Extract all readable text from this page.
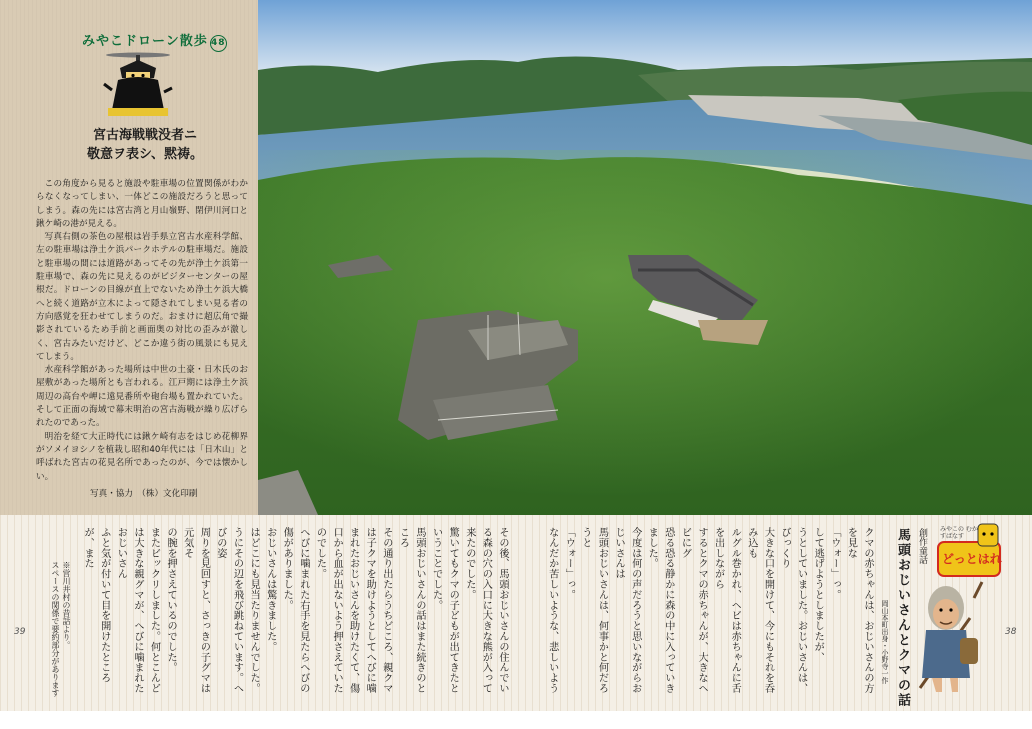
みやこドローン散歩 48
宮古海戦戦没者ニ
敬意ヲ表シ、黙祷。

この角度から見ると施設や駐車場の位置関係がわからなくなってしまい、一体どこの施設だろうと思ってしまう。森の先には宮古湾と月山嶺野、閉伊川河口と鍬ケ崎の港が見える。

写真右側の茶色の屋根は岩手県立宮古水産科学館、左の駐車場は浄土ケ浜パークホテルの駐車場だ。施設と駐車場の間には道路があってその先が浄土ケ浜第一駐車場で、森の先に見えるのがビジターセンターの屋根だ。ドローンの目線が直上でないため浄土ケ浜大橋へと続く道路が立木によって隠されてしまい見る者の方向感覚を狂わせてしまうのだ。おまけに超広角で撮影されているため手前と画面奥の対比の歪みが激しく、宮古みたいだけど、どこか違う街の風景にも見えてしまう。

水産科学館があった場所は中世の土豪・日木氏のお屋敷があった場所とも言われる。江戸期には浄土ケ浜周辺の高台や岬に遠見番所や砲台場も置かれていた。そして正面の海域で幕末明治の宮古海戦が繰り広げられたのであった。

明治を経て大正時代には鍬ケ崎有志をはじめ花柳界がソメイヨシノを植栽し昭和40年代には「日木山」と呼ばれた宮古の花見名所であったのが、今では懐かしい。

写真・協力　（株）文化印刷
39	38
※営川井村の昔話より。
スペースの関係で要約部分があります	その後、馬頭おじいさんの住んでいる森の穴の入口に大きな熊が入って来たのでした。
驚いてもクマの子どもが出てきたということでした。
馬頭おじいさんの話はまた続きのところ
その通り出たらうちどころ、親クマは子クマを助けようとしてへびに噛まれたおじいさんを助けたくて、傷口から血が出ないよう押さえていたのでした。
へびに噛まれた右手を見たらへびの傷がありました。
おじいさんは驚きました。
はどこにも見当たりませんでした。
うにその辺を飛び跳ねています。へびの姿
周りを見回すと、さっきの子グマは元気そ
の腕を押さえているのでした。
またビックリしました。何とこんどは大きな親グマが、へびに噛まれたおじいさん
ふと気が付いて目を開けたところが、また	クマの赤ちゃんは、おじいさんの方を見な
「ウォー」っ。
して逃げようとしましたが、
うとしていました。おじいさんは、びっくり
大きな口を開けて、今にもそれを呑み込も
ルグル巻かれ、ヘビは赤ちゃんに舌を出しながら
するとクマの赤ちゃんが、大きなヘビにグ
恐る恐る静かに森の中に入っていきました。
今度は何の声だろうと思いながらおじいさんは
馬頭おじいさんは、何事かと何だろうと
「ウォー」っ。
なんだか苦しいような、悲しいよう
岡山本町出身・小野寺一作 馬頭おじいさんとクマの話 創作童話	みやこの むかすばなす
どっとはれ
